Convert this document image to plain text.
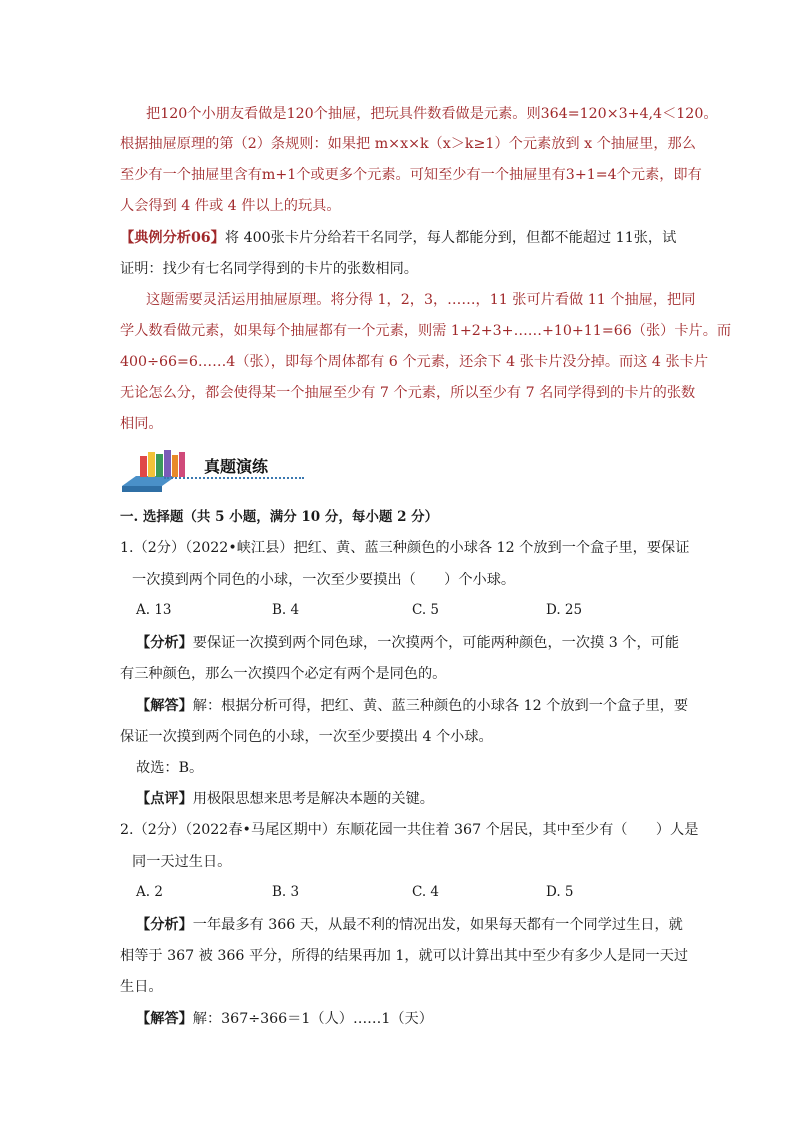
把120个小朋友看做是120个抽屉，把玩具件数看做是元素。则364=120×3+4,4＜120。
根据抽屉原理的第（2）条规则：如果把 m×x×k（x＞k≥1）个元素放到 x 个抽屉里，那么
至少有一个抽屉里含有m+1个或更多个元素。可知至少有一个抽屉里有3+1=4个元素，即有
人会得到 4 件或 4 件以上的玩具。
【典例分析06】将 400张卡片分给若干名同学，每人都能分到，但都不能超过 11张，试
证明：找少有七名同学得到的卡片的张数相同。
这题需要灵活运用抽屉原理。将分得 1，2，3，……，11 张可片看做 11 个抽屉，把同
学人数看做元素，如果每个抽屉都有一个元素，则需 1+2+3+……+10+11=66（张）卡片。而
400÷66=6……4（张），即每个周体都有 6 个元素，还余下 4 张卡片没分掉。而这 4 张卡片
无论怎么分，都会使得某一个抽屉至少有 7 个元素，所以至少有 7 名同学得到的卡片的张数
相同。
真题演练
一. 选择题（共 5 小题，满分 10 分，每小题 2 分）
1.（2分）（2022•峡江县）把红、黄、蓝三种颜色的小球各 12 个放到一个盒子里，要保证
一次摸到两个同色的小球，一次至少要摸出（　　）个小球。
A. 13	B. 4	C. 5	D. 25
【分析】要保证一次摸到两个同色球，一次摸两个，可能两种颜色，一次摸 3 个，可能
有三种颜色，那么一次摸四个必定有两个是同色的。
【解答】解：根据分析可得，把红、黄、蓝三种颜色的小球各 12 个放到一个盒子里，要
保证一次摸到两个同色的小球，一次至少要摸出 4 个小球。
故选：B。
【点评】用极限思想来思考是解决本题的关键。
2.（2分）（2022春•马尾区期中）东顺花园一共住着 367 个居民，其中至少有（　　）人是
同一天过生日。
A. 2	B. 3	C. 4	D. 5
【分析】一年最多有 366 天，从最不利的情况出发，如果每天都有一个同学过生日，就
相等于 367 被 366 平分，所得的结果再加 1，就可以计算出其中至少有多少人是同一天过
生日。
【解答】解：367÷366＝1（人）……1（天）
